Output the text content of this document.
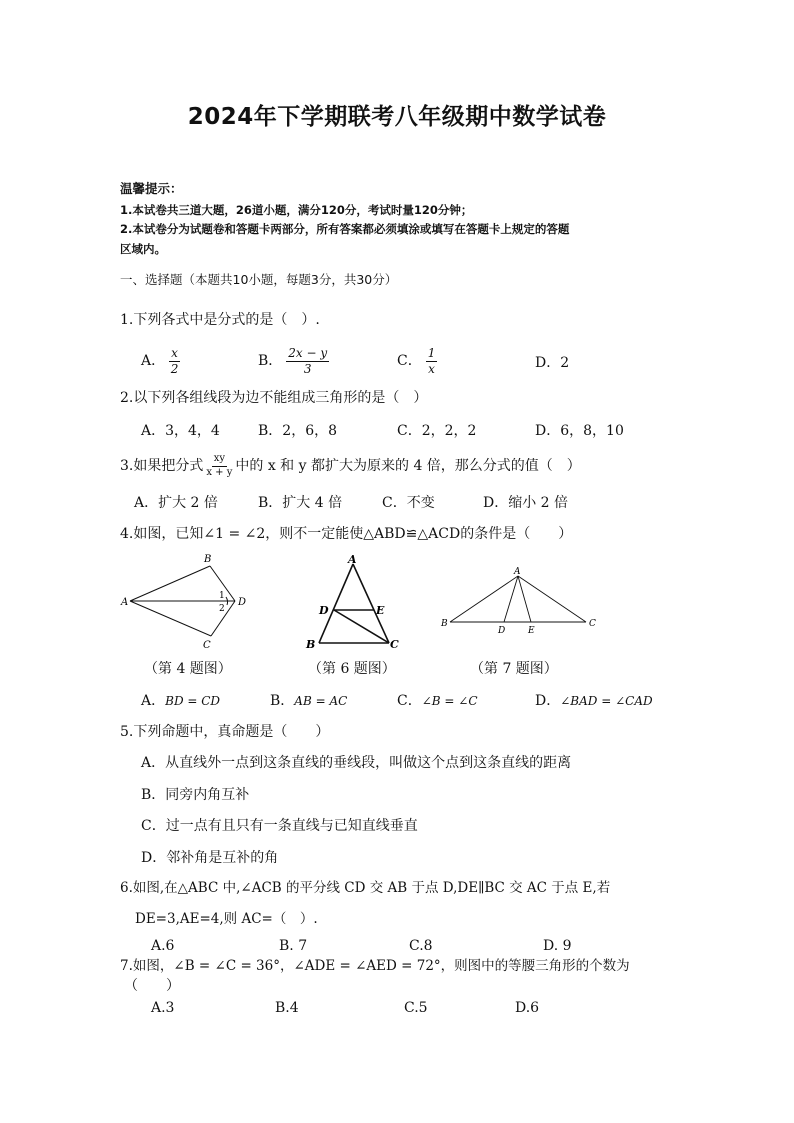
2024年下学期联考八年级期中数学试卷
温馨提示：
1.本试卷共三道大题，26道小题，满分120分，考试时量120分钟；
2.本试卷分为试题卷和答题卡两部分，所有答案都必须填涂或填写在答题卡上规定的答题
区域内。
一、选择题（本题共10小题，每题3分，共30分）
1.下列各式中是分式的是（　）.
A． $\frac{x}{2}$	B． $\frac{2x - y}{3}$	C． $\frac{1}{x}$	D．2
2.以下列各组线段为边不能组成三角形的是（　）
A．3，4，4	B．2，6，8	C．2，2，2	D．6，8，10
3.如果把分式 $\frac{xy}{x + y}$ 中的 x 和 y 都扩大为原来的 4 倍，那么分式的值（　）
A．扩大 2 倍	B．扩大 4 倍	C．不变	D．缩小 2 倍
4.如图，已知∠1 = ∠2，则不一定能使△ABD≌△ACD的条件是（　　）
A
B
C
D
1
2
A
D	E
B	C
A
B
D	E
C
（第 4 题图）	（第 6 题图）	（第 7 题图）
A．BD = CD	B．AB = AC	C．∠B = ∠C	D．∠BAD = ∠CAD
5.下列命题中，真命题是（　　）
A．从直线外一点到这条直线的垂线段，叫做这个点到这条直线的距离
B．同旁内角互补
C．过一点有且只有一条直线与已知直线垂直
D．邻补角是互补的角
6.如图,在△ABC 中,∠ACB 的平分线 CD 交 AB 于点 D,DE∥BC 交 AC 于点 E,若
DE=3,AE=4,则 AC=（　）.
A.6	B. 7	C.8	D. 9
7.如图，∠B = ∠C = 36°，∠ADE = ∠AED = 72°，则图中的等腰三角形的个数为
（　　）
A.3	B.4	C.5	D.6
